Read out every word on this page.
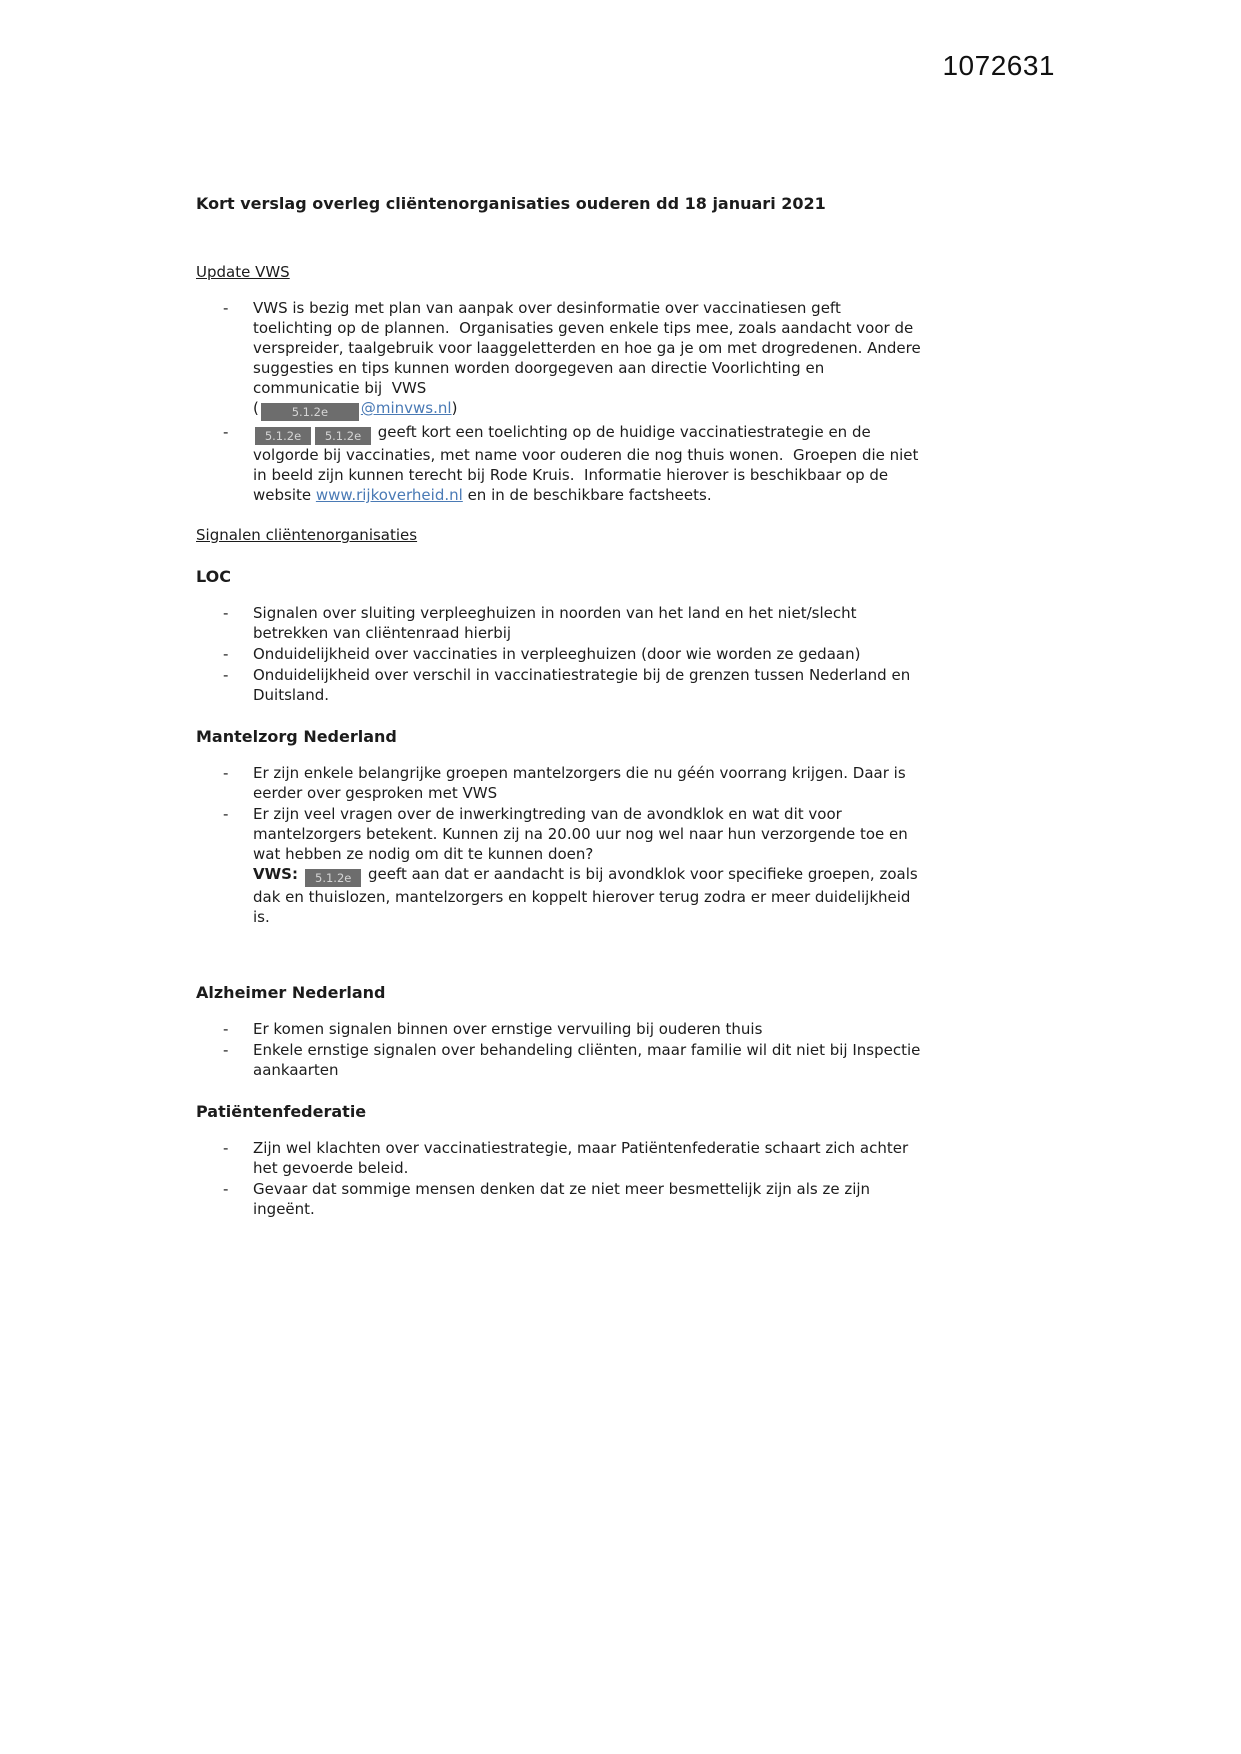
1072631
Kort verslag overleg cliëntenorganisaties ouderen dd 18 januari 2021
Update VWS
- VWS is bezig met plan van aanpak over desinformatie over vaccinatiesen geft toelichting op de plannen.  Organisaties geven enkele tips mee, zoals aandacht voor de verspreider, taalgebruik voor laaggeletterden en hoe ga je om met drogredenen. Andere suggesties en tips kunnen worden doorgegeven aan directie Voorlichting en communicatie bij  VWS
(	5.1.2e @minvws.nl)
- 5.1.2e 5.1.2e geeft kort een toelichting op de huidige vaccinatiestrategie en de volgorde bij vaccinaties, met name voor ouderen die nog thuis wonen.  Groepen die niet in beeld zijn kunnen terecht bij Rode Kruis.  Informatie hierover is beschikbaar op de website www.rijkoverheid.nl en in de beschikbare factsheets.
Signalen cliëntenorganisaties
LOC
- Signalen over sluiting verpleeghuizen in noorden van het land en het niet/slecht betrekken van cliëntenraad hierbij
- Onduidelijkheid over vaccinaties in verpleeghuizen (door wie worden ze gedaan)
- Onduidelijkheid over verschil in vaccinatiestrategie bij de grenzen tussen Nederland en Duitsland.
Mantelzorg Nederland
- Er zijn enkele belangrijke groepen mantelzorgers die nu géén voorrang krijgen. Daar is eerder over gesproken met VWS
- Er zijn veel vragen over de inwerkingtreding van de avondklok en wat dit voor mantelzorgers betekent. Kunnen zij na 20.00 uur nog wel naar hun verzorgende toe en wat hebben ze nodig om dit te kunnen doen?
VWS: 5.1.2e geeft aan dat er aandacht is bij avondklok voor specifieke groepen, zoals dak en thuislozen, mantelzorgers en koppelt hierover terug zodra er meer duidelijkheid is.
Alzheimer Nederland
- Er komen signalen binnen over ernstige vervuiling bij ouderen thuis
- Enkele ernstige signalen over behandeling cliënten, maar familie wil dit niet bij Inspectie aankaarten
Patiëntenfederatie
- Zijn wel klachten over vaccinatiestrategie, maar Patiëntenfederatie schaart zich achter het gevoerde beleid.
- Gevaar dat sommige mensen denken dat ze niet meer besmettelijk zijn als ze zijn ingeënt.
